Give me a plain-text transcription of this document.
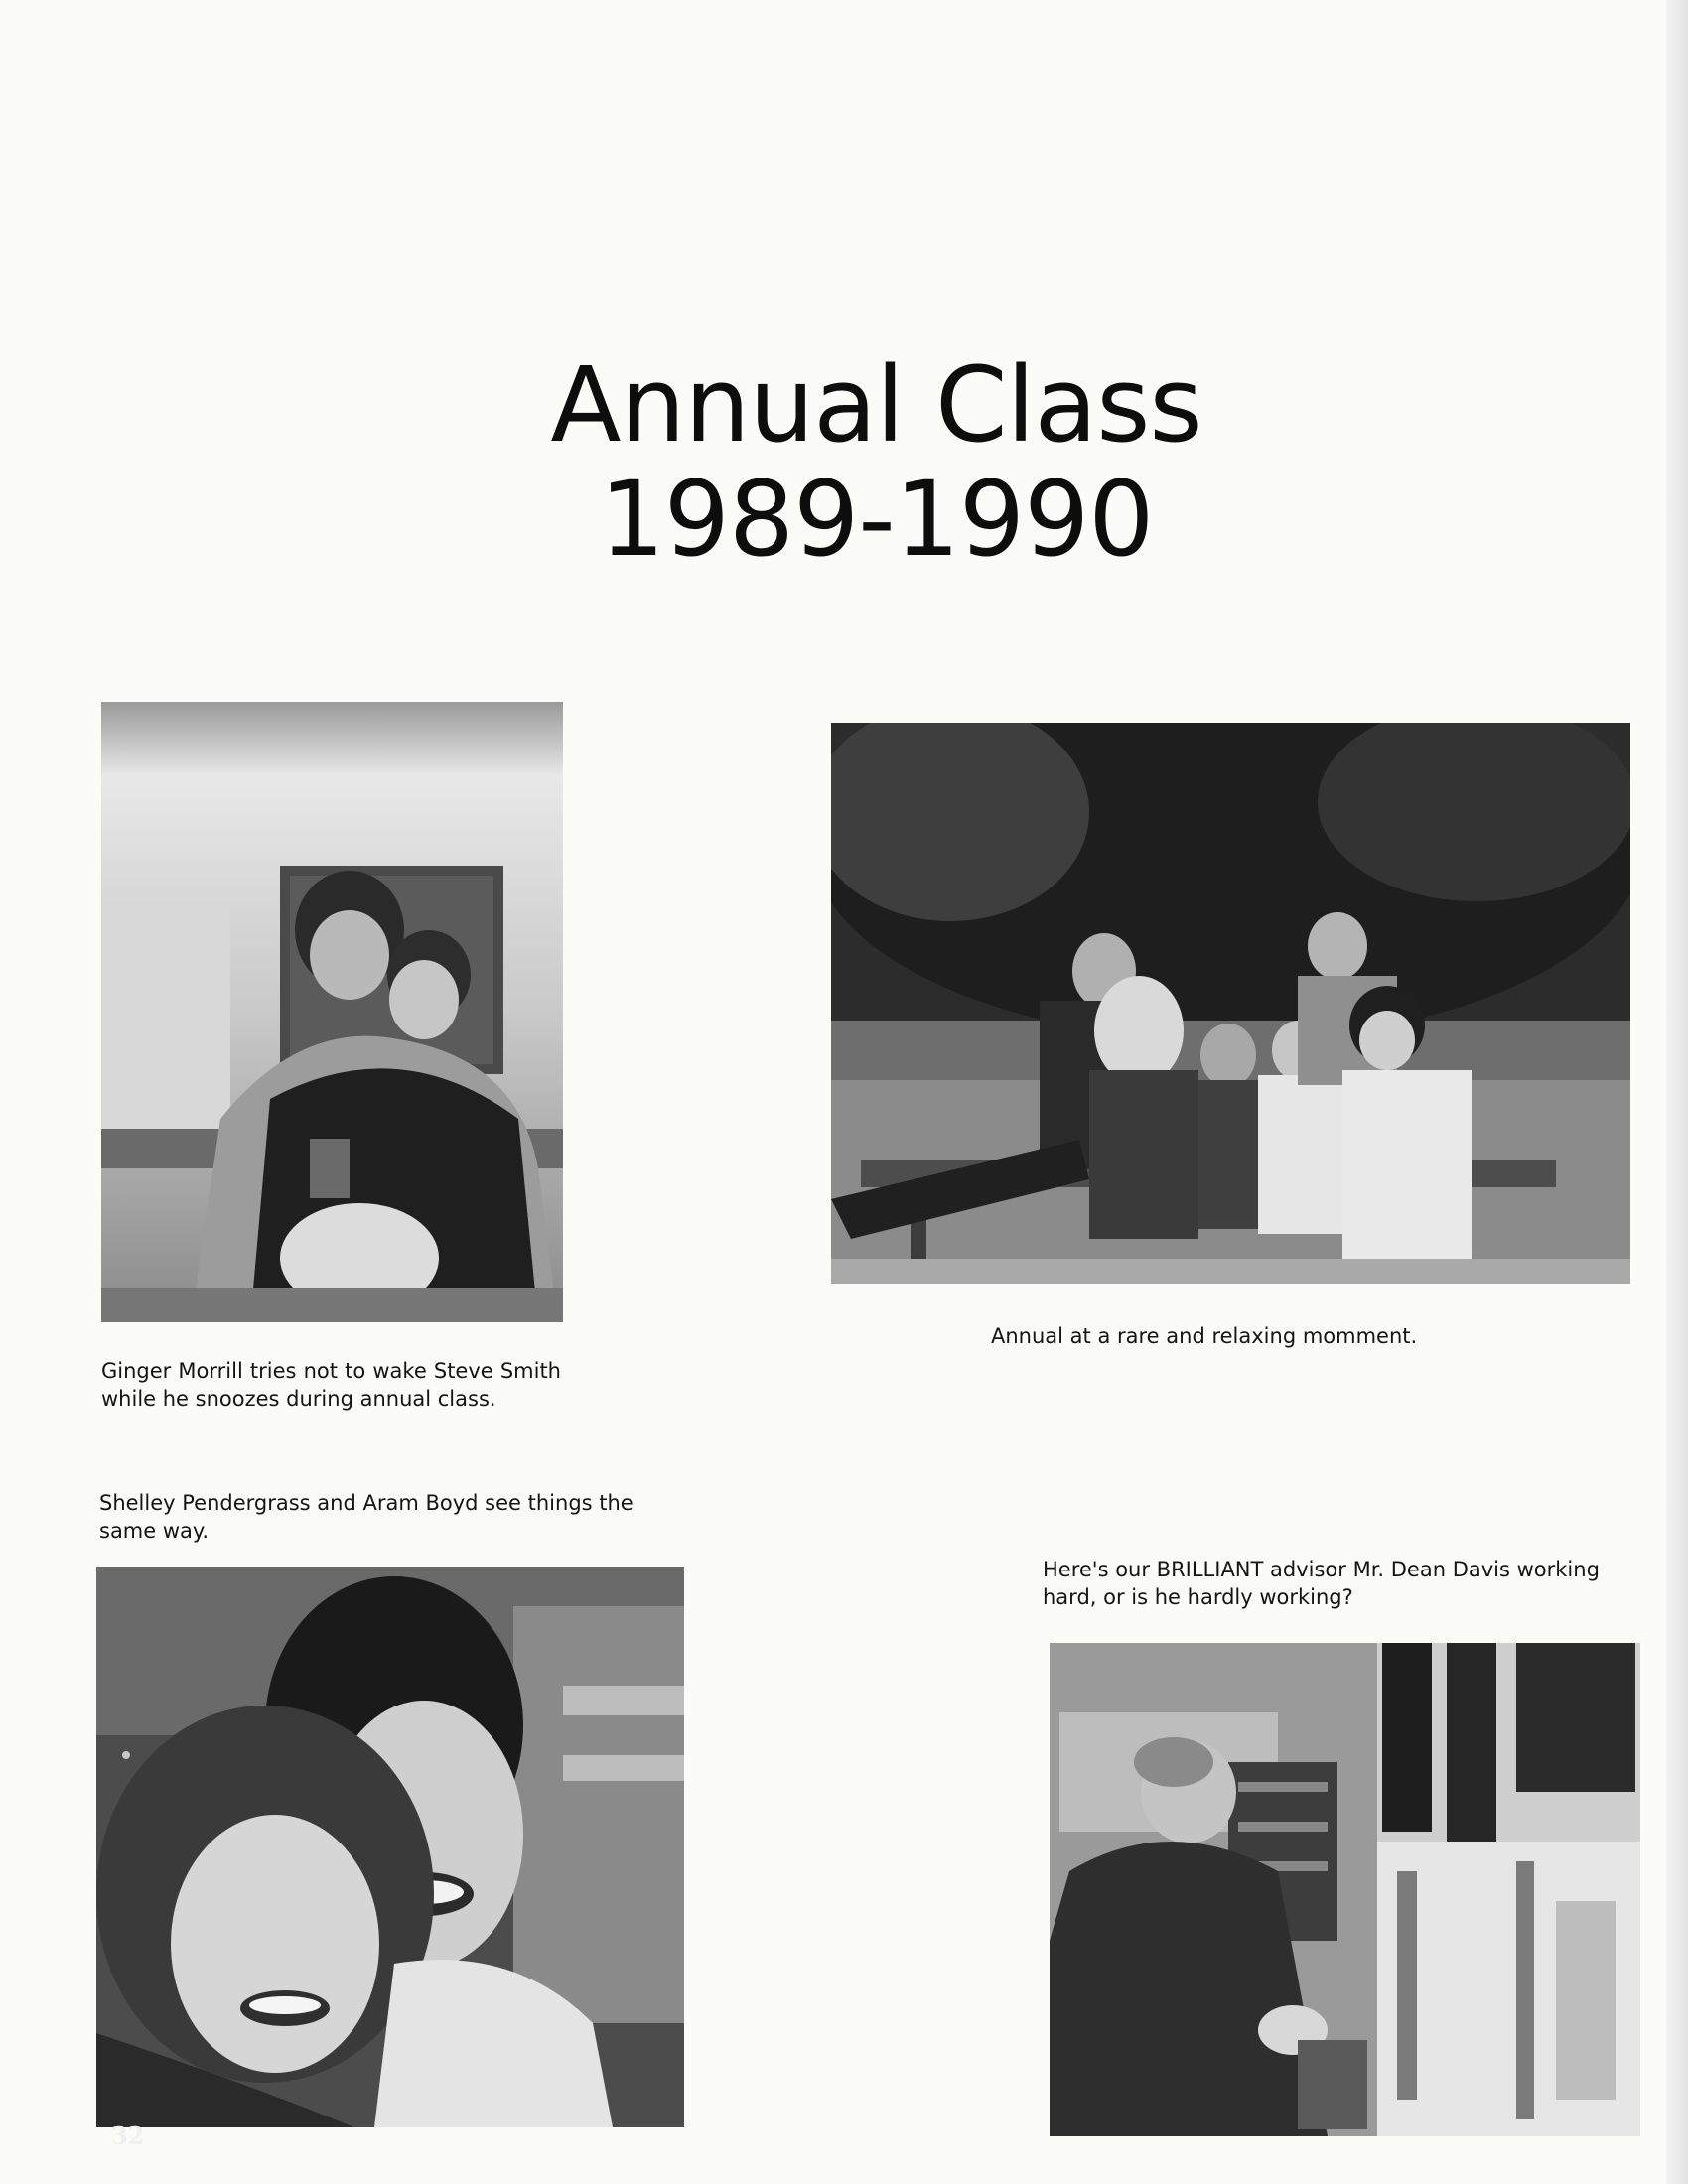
Annual Class
1989-1990
Ginger Morrill tries not to wake Steve Smith while he snoozes during annual class.
Annual at a rare and relaxing momment.
Shelley Pendergrass and Aram Boyd see things the same way.
Here's our BRILLIANT advisor Mr. Dean Davis working hard, or is he hardly working?
32
